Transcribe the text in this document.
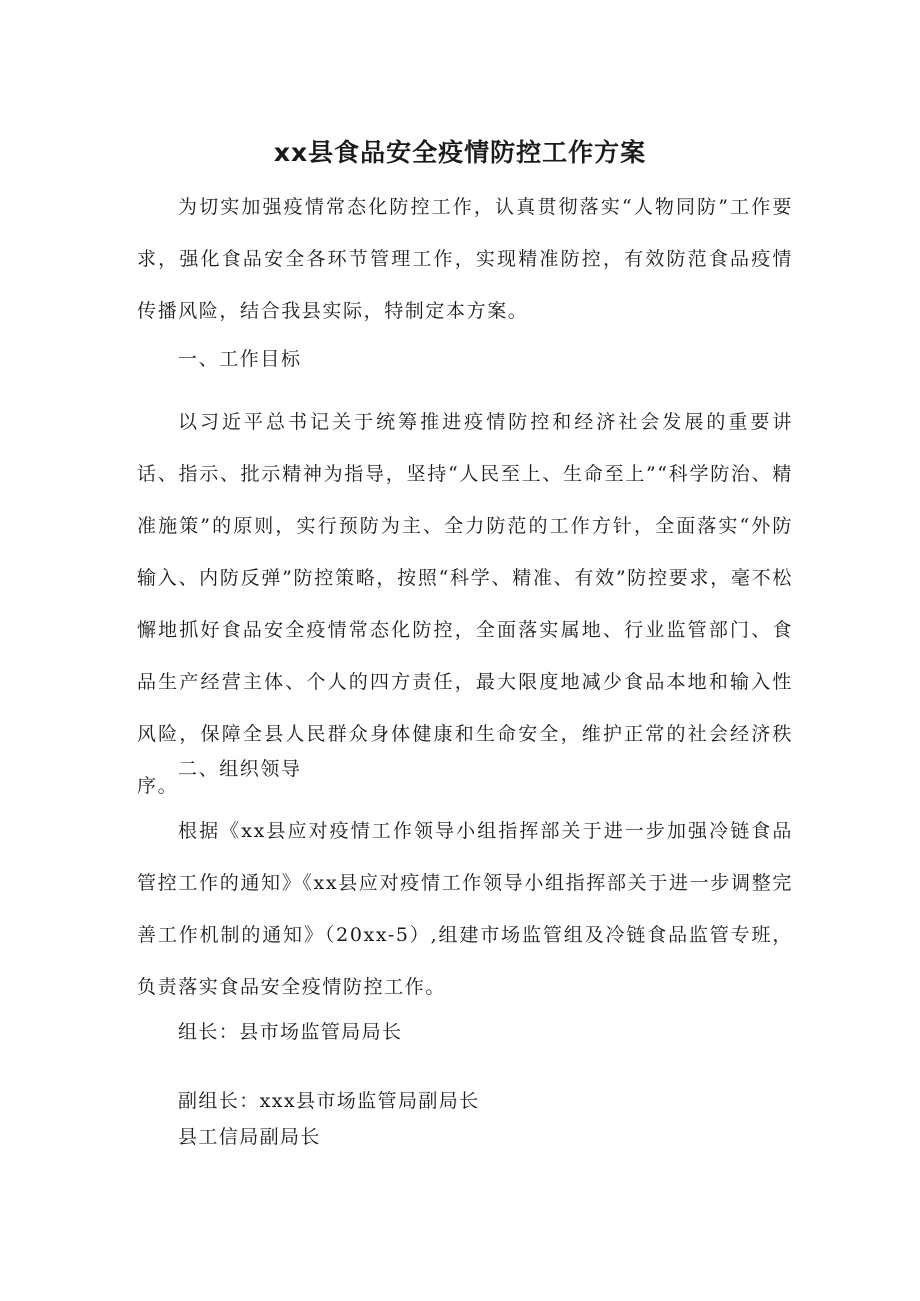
xx县食品安全疫情防控工作方案

为切实加强疫情常态化防控工作，认真贯彻落实“人物同防”工作要求，强化食品安全各环节管理工作，实现精准防控，有效防范食品疫情传播风险，结合我县实际，特制定本方案。

一、工作目标

以习近平总书记关于统筹推进疫情防控和经济社会发展的重要讲话、指示、批示精神为指导，坚持“人民至上、生命至上”“科学防治、精准施策”的原则，实行预防为主、全力防范的工作方针，全面落实“外防输入、内防反弹”防控策略，按照“科学、精准、有效”防控要求，毫不松懈地抓好食品安全疫情常态化防控，全面落实属地、行业监管部门、食品生产经营主体、个人的四方责任，最大限度地减少食品本地和输入性风险，保障全县人民群众身体健康和生命安全，维护正常的社会经济秩序。

二、组织领导

根据《xx县应对疫情工作领导小组指挥部关于进一步加强冷链食品管控工作的通知》《xx县应对疫情工作领导小组指挥部关于进一步调整完善工作机制的通知》（20xx-5）,组建市场监管组及冷链食品监管专班，负责落实食品安全疫情防控工作。

组长：县市场监管局局长

副组长：xxx县市场监管局副局长

县工信局副局长
